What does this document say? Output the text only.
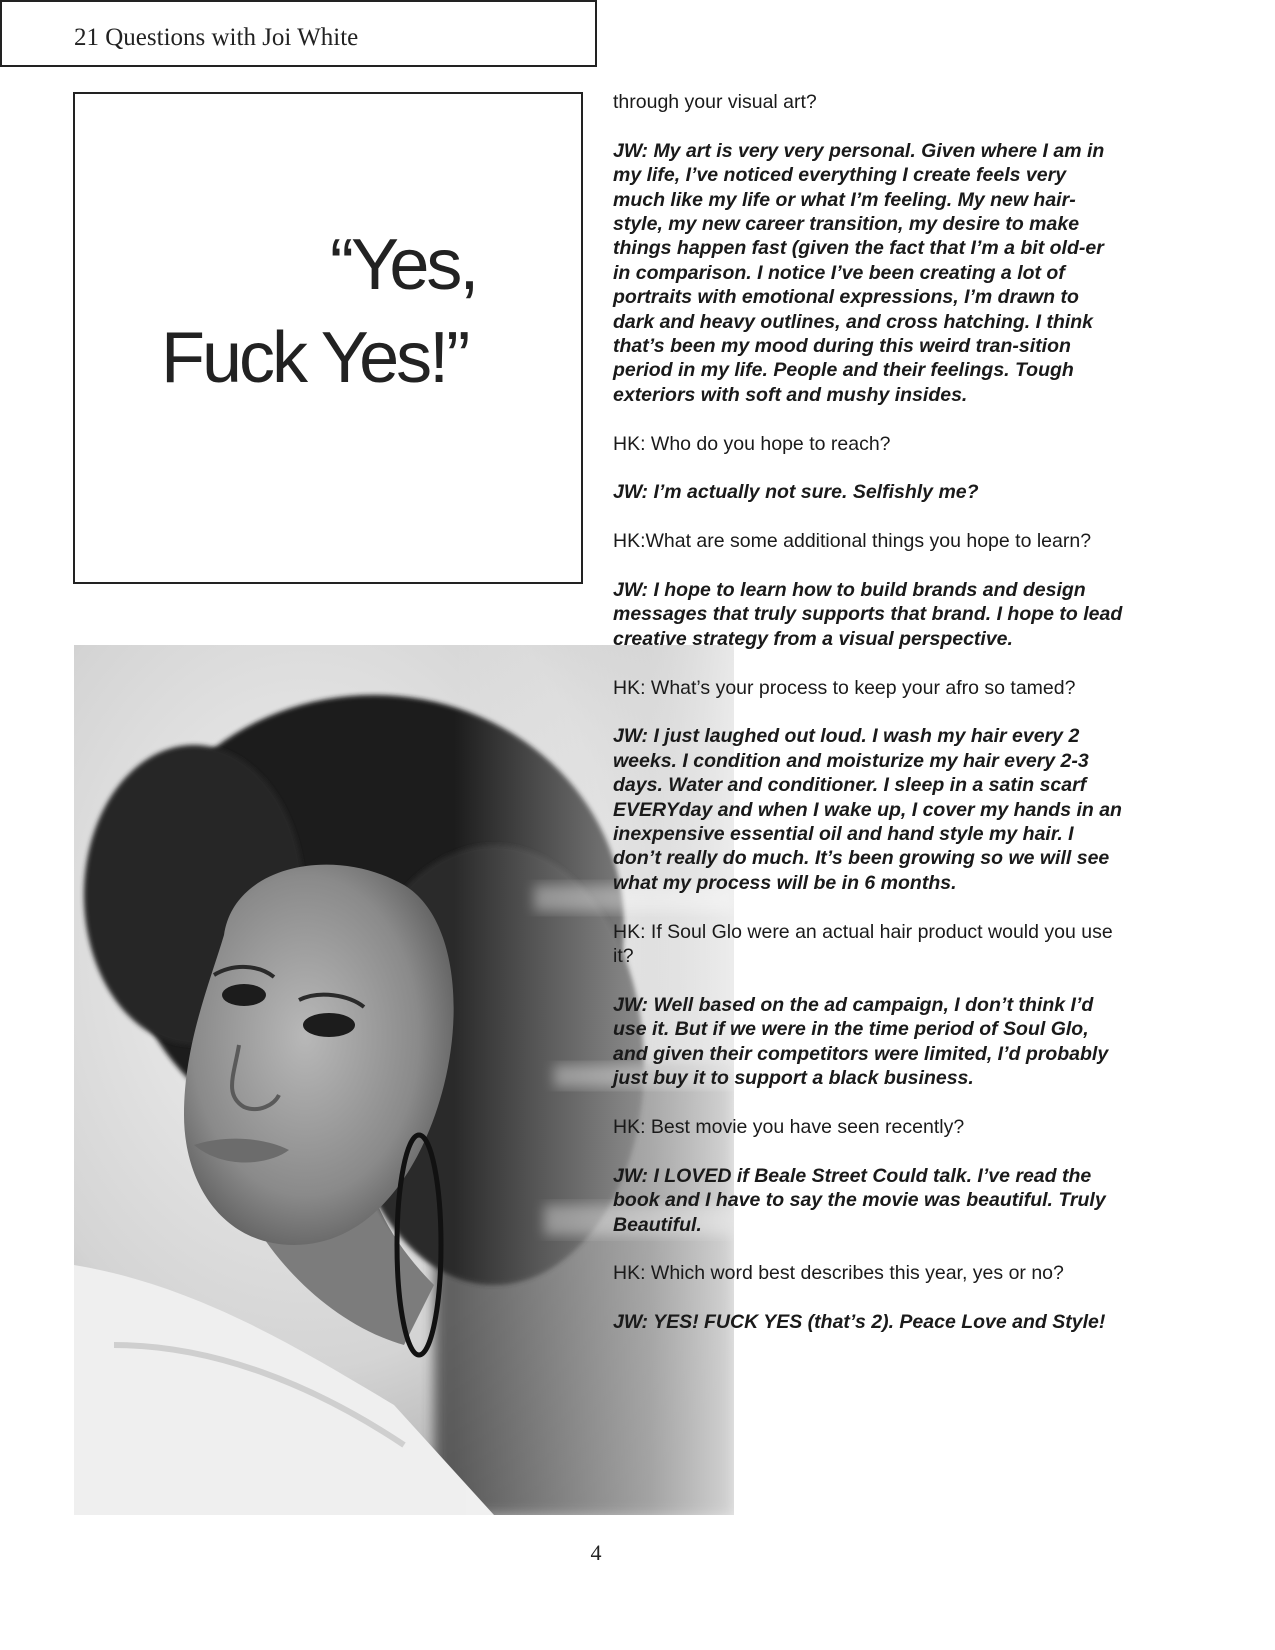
21 Questions with Joi White
“Yes,
Fuck Yes!”

through your visual art?

JW: My art is very very personal. Given where I am in my life, I’ve noticed everything I create feels very much like my life or what I’m feeling. My new hair-style, my new career transition, my desire to make things happen fast (given the fact that I’m a bit old-er in comparison. I notice I’ve been creating a lot of portraits with emotional expressions, I’m drawn to dark and heavy outlines, and cross hatching. I think that’s been my mood during this weird tran-sition period in my life. People and their feelings. Tough exteriors with soft and mushy insides.

HK: Who do you hope to reach?

JW: I’m actually not sure. Selfishly me?

HK:What are some additional things you hope to learn?

JW: I hope to learn how to build brands and design messages that truly supports that brand. I hope to lead creative strategy from a visual perspective.

HK: What’s your process to keep your afro so tamed?

JW: I just laughed out loud. I wash my hair every 2 weeks. I condition and moisturize my hair every 2-3 days. Water and conditioner. I sleep in a satin scarf EVERYday and when I wake up, I cover my hands in an inexpensive essential oil and hand style my hair. I don’t really do much. It’s been growing so we will see what my process will be in 6 months.

HK: If Soul Glo were an actual hair product would you use it?

JW: Well based on the ad campaign, I don’t think I’d use it. But if we were in the time period of Soul Glo, and given their competitors were limited, I’d probably just buy it to support a black business.

HK: Best movie you have seen recently?

JW: I LOVED if Beale Street Could talk. I’ve read the book and I have to say the movie was beautiful. Truly Beautiful.

HK: Which word best describes this year, yes or no?

JW: YES! FUCK YES (that’s 2). Peace Love and Style!

4
